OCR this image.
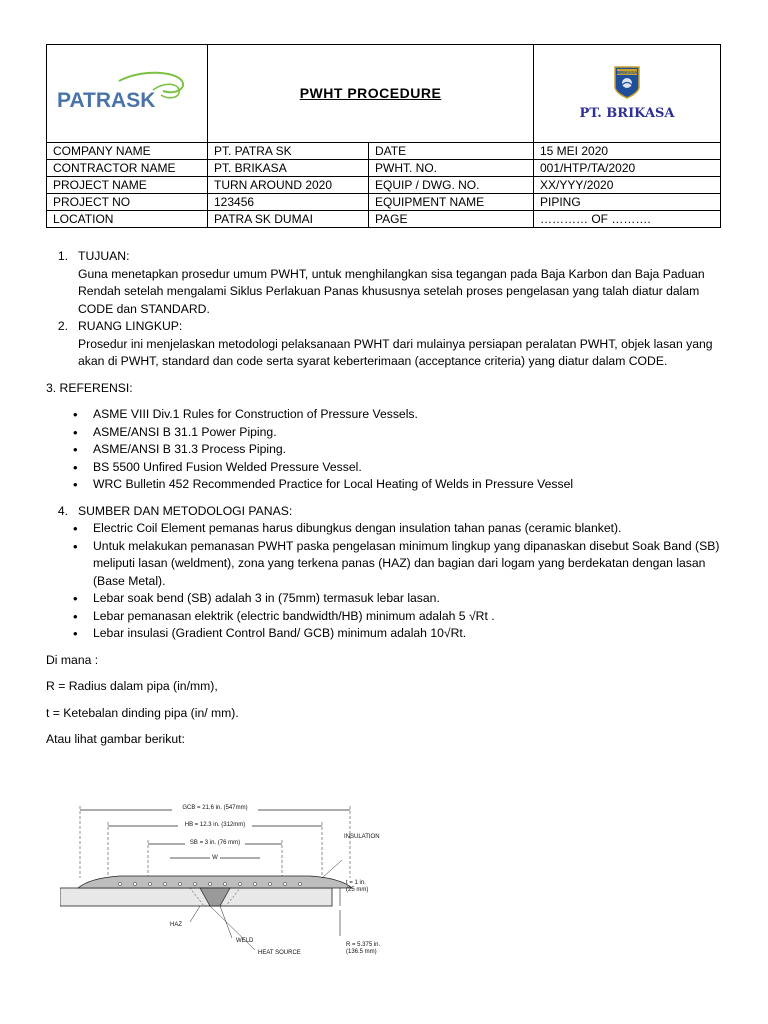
PATRASK	PWHT PROCEDURE		BRIKASA
PT. BRIKASA

COMPANY NAME	PT. PATRA SK	DATE	15 MEI 2020
CONTRACTOR NAME	PT. BRIKASA	PWHT. NO.	001/HTP/TA/2020
PROJECT NAME	TURN AROUND 2020	EQUIP / DWG. NO.	XX/YYY/2020
PROJECT NO	123456	EQUIPMENT NAME	PIPING
LOCATION	PATRA SK DUMAI	PAGE	………… OF ……….
1. TUJUAN:

Guna menetapkan prosedur umum PWHT, untuk menghilangkan sisa tegangan pada Baja Karbon dan Baja Paduan Rendah setelah mengalami Siklus Perlakuan Panas khususnya setelah proses pengelasan yang talah diatur dalam CODE dan STANDARD.

2. RUANG LINGKUP:

Prosedur ini menjelaskan metodologi pelaksanaan PWHT dari mulainya persiapan peralatan PWHT, objek lasan yang akan di PWHT, standard dan code serta syarat keberterimaan (acceptance criteria) yang diatur dalam CODE.

3. REFERENSI:

• ASME VIII Div.1 Rules for Construction of Pressure Vessels.
• ASME/ANSI B 31.1 Power Piping.
• ASME/ANSI B 31.3 Process Piping.
• BS 5500 Unfired Fusion Welded Pressure Vessel.
• WRC Bulletin 452 Recommended Practice for Local Heating of Welds in Pressure Vessel
4. SUMBER DAN METODOLOGI PANAS:

• Electric Coil Element pemanas harus dibungkus dengan insulation tahan panas (ceramic blanket).
• Untuk melakukan pemanasan PWHT paska pengelasan minimum lingkup yang dipanaskan disebut Soak Band (SB) meliputi lasan (weldment), zona yang terkena panas (HAZ) dan bagian dari logam yang berdekatan dengan lasan (Base Metal).
• Lebar soak bend (SB) adalah 3 in (75mm) termasuk lebar lasan.
• Lebar pemanasan elektrik (electric bandwidth/HB) minimum adalah 5 √Rt .
• Lebar insulasi (Gradient Control Band/ GCB) minimum adalah 10√Rt.

Di mana :

R = Radius dalam pipa (in/mm),

t = Ketebalan dinding pipa (in/ mm).

Atau lihat gambar berikut:

GCB = 21.6 in. (547mm)
HB = 12.3 in. (312mm)
SB = 3 in. (76 mm)
W
INSULATION
t = 1 in.
(25 mm)
HAZ
WELD
HEAT SOURCE
R = 5.375 in.
(136.5 mm)
